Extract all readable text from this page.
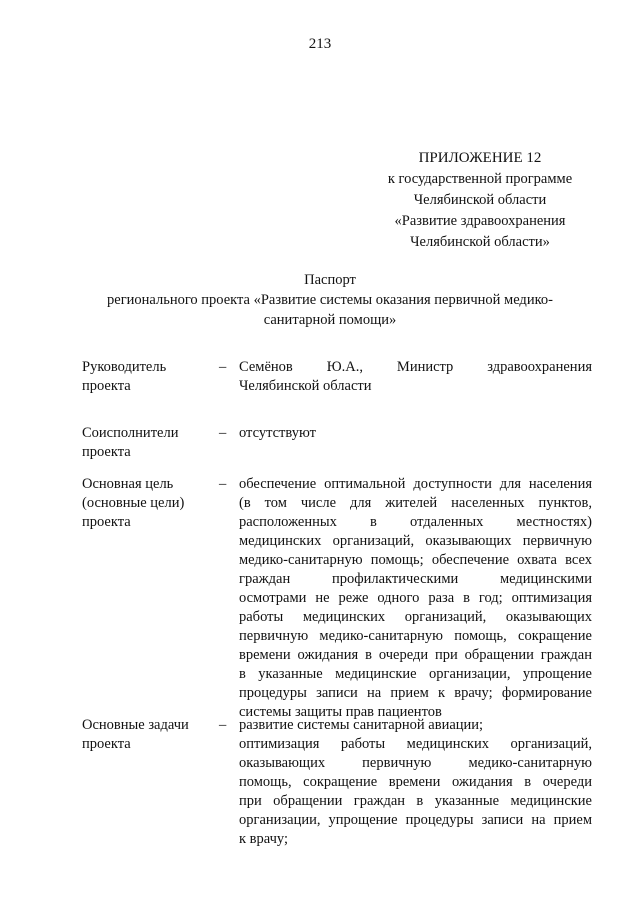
213
ПРИЛОЖЕНИЕ 12
к государственной программе
Челябинской области
«Развитие здравоохранения
Челябинской области»
Паспорт
регионального проекта «Развитие системы оказания первичной медико-
санитарной помощи»
Руководитель
проекта
– Семёнов Ю.А., Министр здравоохранения
Челябинской области
Соисполнители
проекта
– отсутствуют
Основная цель
(основные цели)
проекта
– обеспечение оптимальной доступности для населения
(в том числе для жителей населенных пунктов,
расположенных в отдаленных местностях)
медицинских организаций, оказывающих первичную
медико-санитарную помощь; обеспечение охвата всех
граждан профилактическими медицинскими
осмотрами не реже одного раза в год; оптимизация
работы медицинских организаций, оказывающих
первичную медико-санитарную помощь, сокращение
времени ожидания в очереди при обращении граждан
в указанные медицинские организации, упрощение
процедуры записи на прием к врачу; формирование
системы защиты прав пациентов
Основные задачи
проекта
– развитие системы санитарной авиации;
оптимизация работы медицинских организаций,
оказывающих первичную медико-санитарную
помощь, сокращение времени ожидания в очереди
при обращении граждан в указанные медицинские
организации, упрощение процедуры записи на прием
к врачу;
